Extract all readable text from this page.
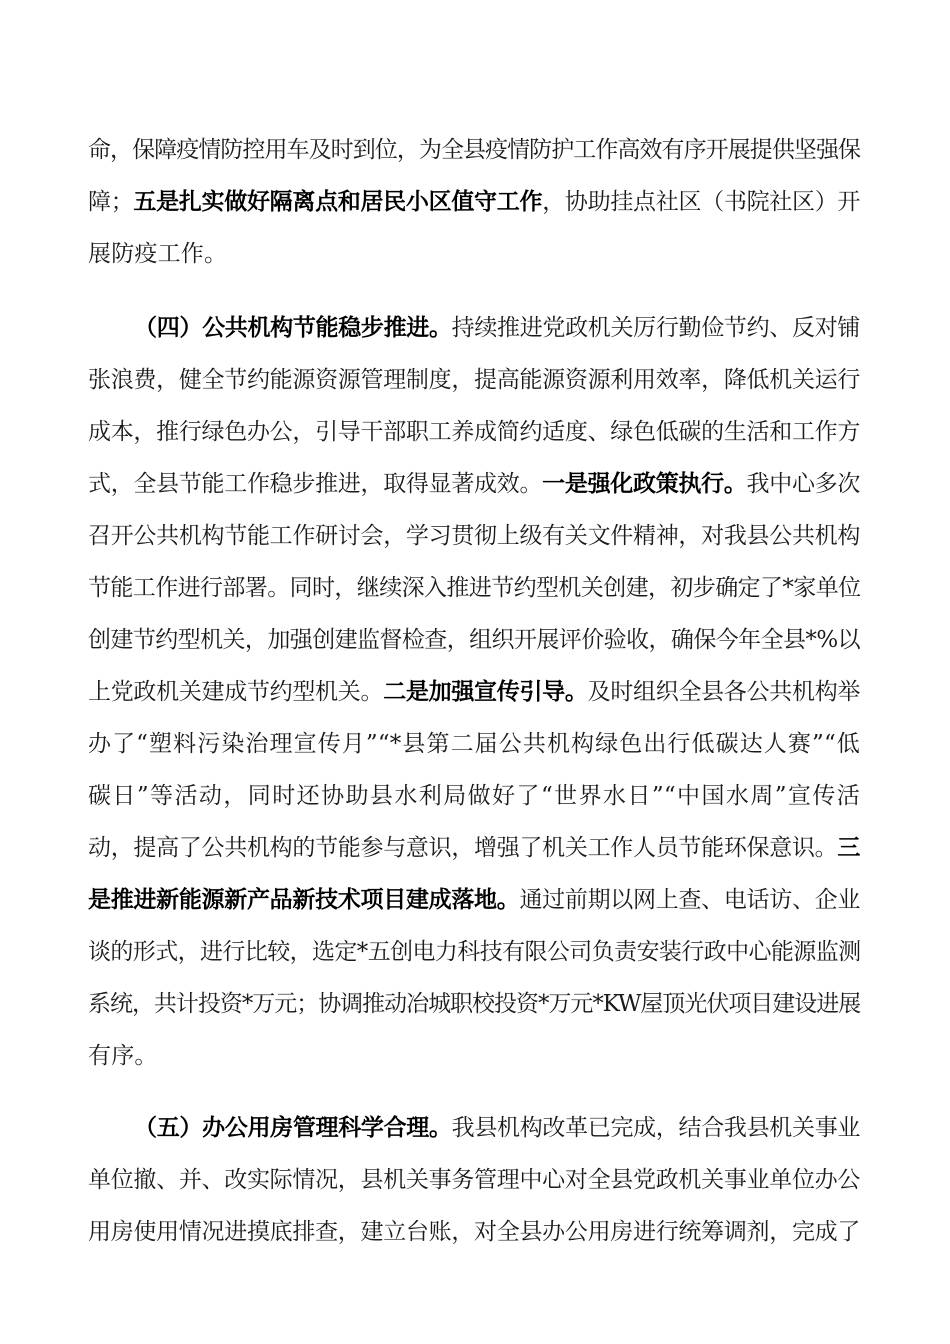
命，保障疫情防控用车及时到位，为全县疫情防护工作高效有序开展提供坚强保
障；五是扎实做好隔离点和居民小区值守工作，协助挂点社区（书院社区）开
展防疫工作。
（四）公共机构节能稳步推进。持续推进党政机关厉行勤俭节约、反对铺
张浪费，健全节约能源资源管理制度，提高能源资源利用效率，降低机关运行
成本，推行绿色办公，引导干部职工养成简约适度、绿色低碳的生活和工作方
式，全县节能工作稳步推进，取得显著成效。一是强化政策执行。我中心多次
召开公共机构节能工作研讨会，学习贯彻上级有关文件精神，对我县公共机构
节能工作进行部署。同时，继续深入推进节约型机关创建，初步确定了*家单位
创建节约型机关，加强创建监督检查，组织开展评价验收，确保今年全县*%以
上党政机关建成节约型机关。二是加强宣传引导。及时组织全县各公共机构举
办了“塑料污染治理宣传月”“*县第二届公共机构绿色出行低碳达人赛”“低
碳日”等活动，同时还协助县水利局做好了“世界水日”“中国水周”宣传活
动，提高了公共机构的节能参与意识，增强了机关工作人员节能环保意识。三
是推进新能源新产品新技术项目建成落地。通过前期以网上查、电话访、企业
谈的形式，进行比较，选定*五创电力科技有限公司负责安装行政中心能源监测
系统，共计投资*万元；协调推动冶城职校投资*万元*KW屋顶光伏项目建设进展
有序。
（五）办公用房管理科学合理。我县机构改革已完成，结合我县机关事业
单位撤、并、改实际情况，县机关事务管理中心对全县党政机关事业单位办公
用房使用情况进摸底排查，建立台账，对全县办公用房进行统筹调剂，完成了
